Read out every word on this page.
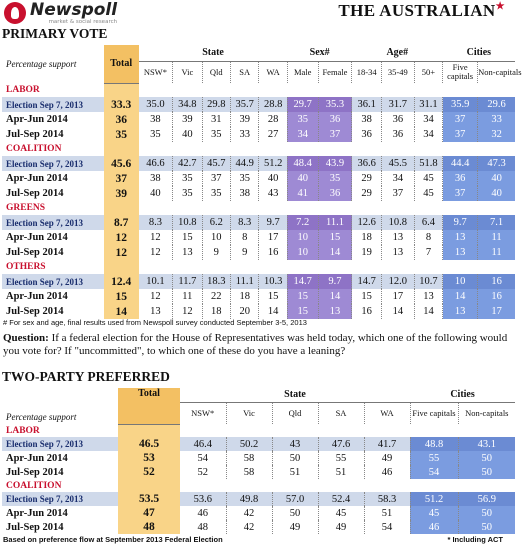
Newspoll
market & social research
THE AUSTRALIAN★
PRIMARY VOTE
Percentage support	Total	State					Sex#		Age#			Cities	
		NSW*	Vic	Qld	SA	WA	Male	Female	18-34	35-49	50+	Five capitals	Non-capitals
LABOR													
Election Sep 7, 2013	33.3	35.0	34.8	29.8	35.7	28.8	29.7	35.3	36.1	31.7	31.1	35.9	29.6
Apr-Jun 2014	36	38	39	31	39	28	35	36	38	36	34	37	33
Jul-Sep 2014	35	35	40	35	33	27	34	37	36	36	34	37	32
COALITION													
Election Sep 7, 2013	45.6	46.6	42.7	45.7	44.9	51.2	48.4	43.9	36.6	45.5	51.8	44.4	47.3
Apr-Jun 2014	37	38	35	37	35	40	40	35	29	34	45	36	40
Jul-Sep 2014	39	40	35	35	38	43	41	36	29	37	45	37	40
GREENS													
Election Sep 7, 2013	8.7	8.3	10.8	6.2	8.3	9.7	7.2	11.1	12.6	10.8	6.4	9.7	7.1
Apr-Jun 2014	12	12	15	10	8	17	10	15	18	13	8	13	11
Jul-Sep 2014	12	12	13	9	9	16	10	14	19	13	7	13	11
OTHERS													
Election Sep 7, 2013	12.4	10.1	11.7	18.3	11.1	10.3	14.7	9.7	14.7	12.0	10.7	10	16
Apr-Jun 2014	15	12	11	22	18	15	15	14	15	17	13	14	16
Jul-Sep 2014	14	13	12	18	20	14	15	13	16	14	14	13	17
# For sex and age, final results used from Newspoll survey conducted September 3-5, 2013
Question: If a federal election for the House of Representatives was held today, which one of the following would you vote for? If "uncommitted", to which one of these do you have a leaning?
TWO-PARTY PREFERRED
Percentage support	Total	State					Cities	
		NSW*	Vic	Qld	SA	WA	Five capitals	Non-capitals
LABOR								
Election Sep 7, 2013	46.5	46.4	50.2	43	47.6	41.7	48.8	43.1
Apr-Jun 2014	53	54	58	50	55	49	55	50
Jul-Sep 2014	52	52	58	51	51	46	54	50
COALITION								
Election Sep 7, 2013	53.5	53.6	49.8	57.0	52.4	58.3	51.2	56.9
Apr-Jun 2014	47	46	42	50	45	51	45	50
Jul-Sep 2014	48	48	42	49	49	54	46	50
Based on preference flow at September 2013 Federal Election	* Including ACT
